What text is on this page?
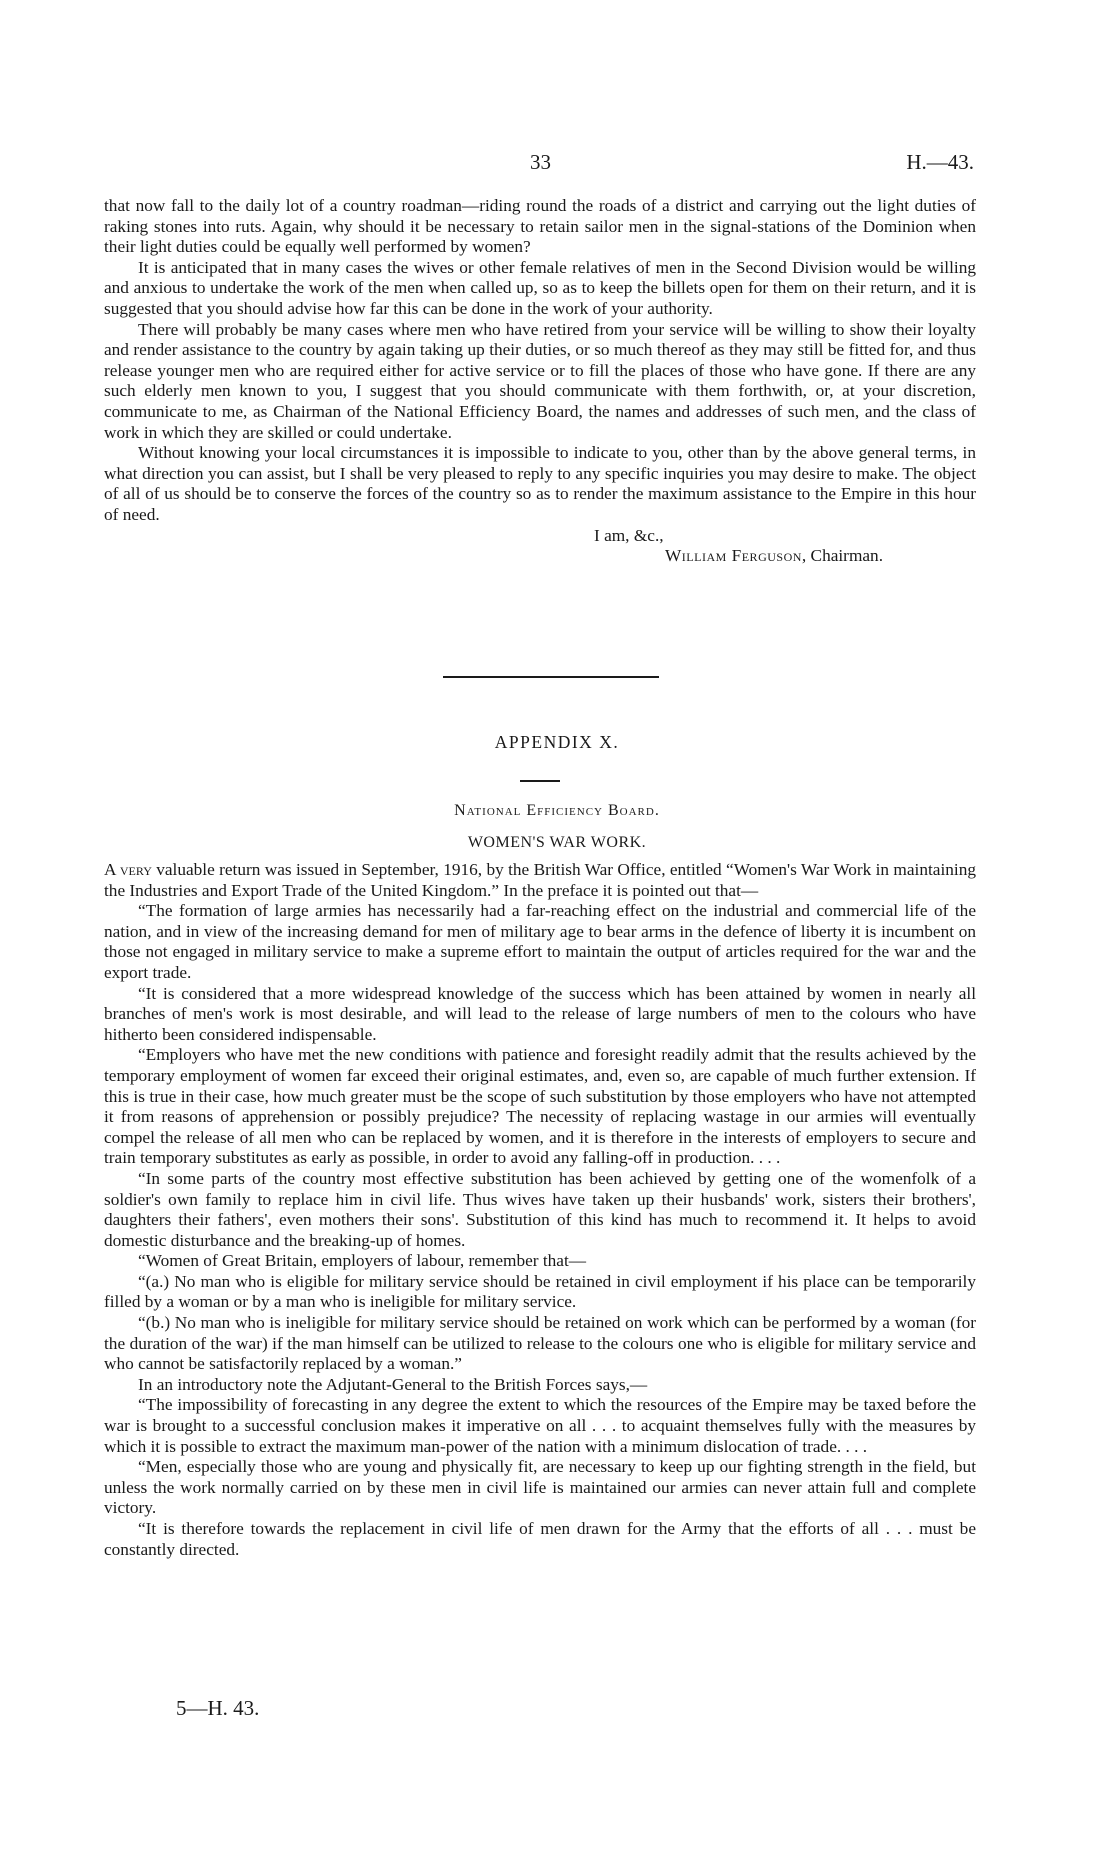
33	H.—43.

that now fall to the daily lot of a country roadman—riding round the roads of a district and carrying out the light duties of raking stones into ruts. Again, why should it be necessary to retain sailor men in the signal-stations of the Dominion when their light duties could be equally well performed by women?

It is anticipated that in many cases the wives or other female relatives of men in the Second Division would be willing and anxious to undertake the work of the men when called up, so as to keep the billets open for them on their return, and it is suggested that you should advise how far this can be done in the work of your authority.

There will probably be many cases where men who have retired from your service will be willing to show their loyalty and render assistance to the country by again taking up their duties, or so much thereof as they may still be fitted for, and thus release younger men who are required either for active service or to fill the places of those who have gone. If there are any such elderly men known to you, I suggest that you should communicate with them forthwith, or, at your discretion, communicate to me, as Chairman of the National Efficiency Board, the names and addresses of such men, and the class of work in which they are skilled or could undertake.

Without knowing your local circumstances it is impossible to indicate to you, other than by the above general terms, in what direction you can assist, but I shall be very pleased to reply to any specific inquiries you may desire to make. The object of all of us should be to conserve the forces of the country so as to render the maximum assistance to the Empire in this hour of need.

I am, &c.,

William Ferguson, Chairman.

APPENDIX X.
National Efficiency Board.
WOMEN'S WAR WORK.

A very valuable return was issued in September, 1916, by the British War Office, entitled “Women's War Work in maintaining the Industries and Export Trade of the United Kingdom.” In the preface it is pointed out that—

“The formation of large armies has necessarily had a far-reaching effect on the industrial and commercial life of the nation, and in view of the increasing demand for men of military age to bear arms in the defence of liberty it is incumbent on those not engaged in military service to make a supreme effort to maintain the output of articles required for the war and the export trade.

“It is considered that a more widespread knowledge of the success which has been attained by women in nearly all branches of men's work is most desirable, and will lead to the release of large numbers of men to the colours who have hitherto been considered indispensable.

“Employers who have met the new conditions with patience and foresight readily admit that the results achieved by the temporary employment of women far exceed their original estimates, and, even so, are capable of much further extension. If this is true in their case, how much greater must be the scope of such substitution by those employers who have not attempted it from reasons of apprehension or possibly prejudice? The necessity of replacing wastage in our armies will eventually compel the release of all men who can be replaced by women, and it is therefore in the interests of employers to secure and train temporary substitutes as early as possible, in order to avoid any falling-off in production. . . .

“In some parts of the country most effective substitution has been achieved by getting one of the womenfolk of a soldier's own family to replace him in civil life. Thus wives have taken up their husbands' work, sisters their brothers', daughters their fathers', even mothers their sons'. Substitution of this kind has much to recommend it. It helps to avoid domestic disturbance and the breaking-up of homes.

“Women of Great Britain, employers of labour, remember that—

“(a.) No man who is eligible for military service should be retained in civil employment if his place can be temporarily filled by a woman or by a man who is ineligible for military service.

“(b.) No man who is ineligible for military service should be retained on work which can be performed by a woman (for the duration of the war) if the man himself can be utilized to release to the colours one who is eligible for military service and who cannot be satisfactorily replaced by a woman.”

In an introductory note the Adjutant-General to the British Forces says,—

“The impossibility of forecasting in any degree the extent to which the resources of the Empire may be taxed before the war is brought to a successful conclusion makes it imperative on all . . . to acquaint themselves fully with the measures by which it is possible to extract the maximum man-power of the nation with a minimum dislocation of trade. . . .

“Men, especially those who are young and physically fit, are necessary to keep up our fighting strength in the field, but unless the work normally carried on by these men in civil life is maintained our armies can never attain full and complete victory.

“It is therefore towards the replacement in civil life of men drawn for the Army that the efforts of all . . . must be constantly directed.

5—H. 43.
